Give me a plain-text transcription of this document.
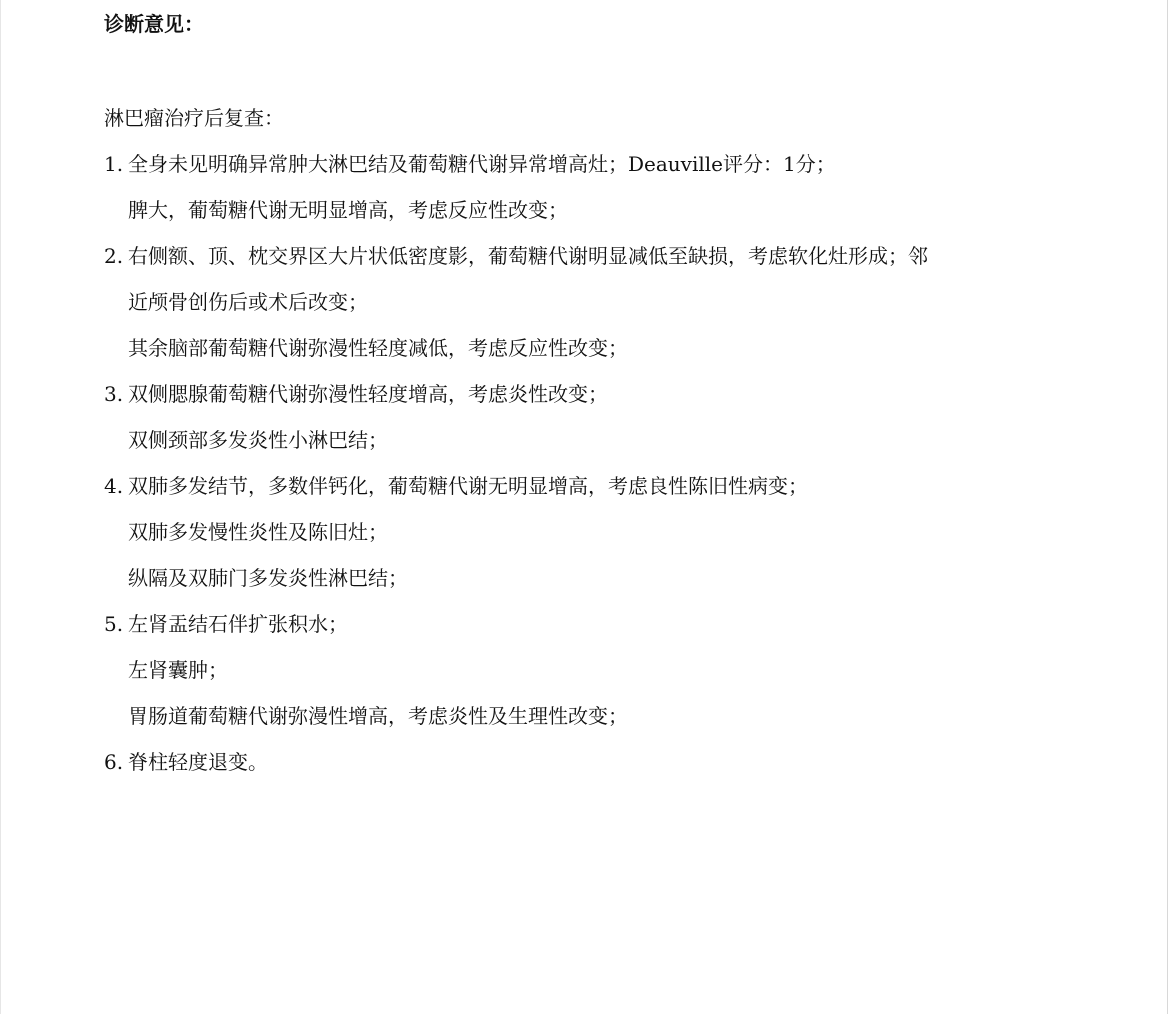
诊断意见：
淋巴瘤治疗后复查：
1. 全身未见明确异常肿大淋巴结及葡萄糖代谢异常增高灶；Deauville评分：1分；
脾大，葡萄糖代谢无明显增高，考虑反应性改变；
2. 右侧额、顶、枕交界区大片状低密度影，葡萄糖代谢明显减低至缺损，考虑软化灶形成；邻
近颅骨创伤后或术后改变；
其余脑部葡萄糖代谢弥漫性轻度减低，考虑反应性改变；
3. 双侧腮腺葡萄糖代谢弥漫性轻度增高，考虑炎性改变；
双侧颈部多发炎性小淋巴结；
4. 双肺多发结节，多数伴钙化，葡萄糖代谢无明显增高，考虑良性陈旧性病变；
双肺多发慢性炎性及陈旧灶；
纵隔及双肺门多发炎性淋巴结；
5. 左肾盂结石伴扩张积水；
左肾囊肿；
胃肠道葡萄糖代谢弥漫性增高，考虑炎性及生理性改变；
6. 脊柱轻度退变。
